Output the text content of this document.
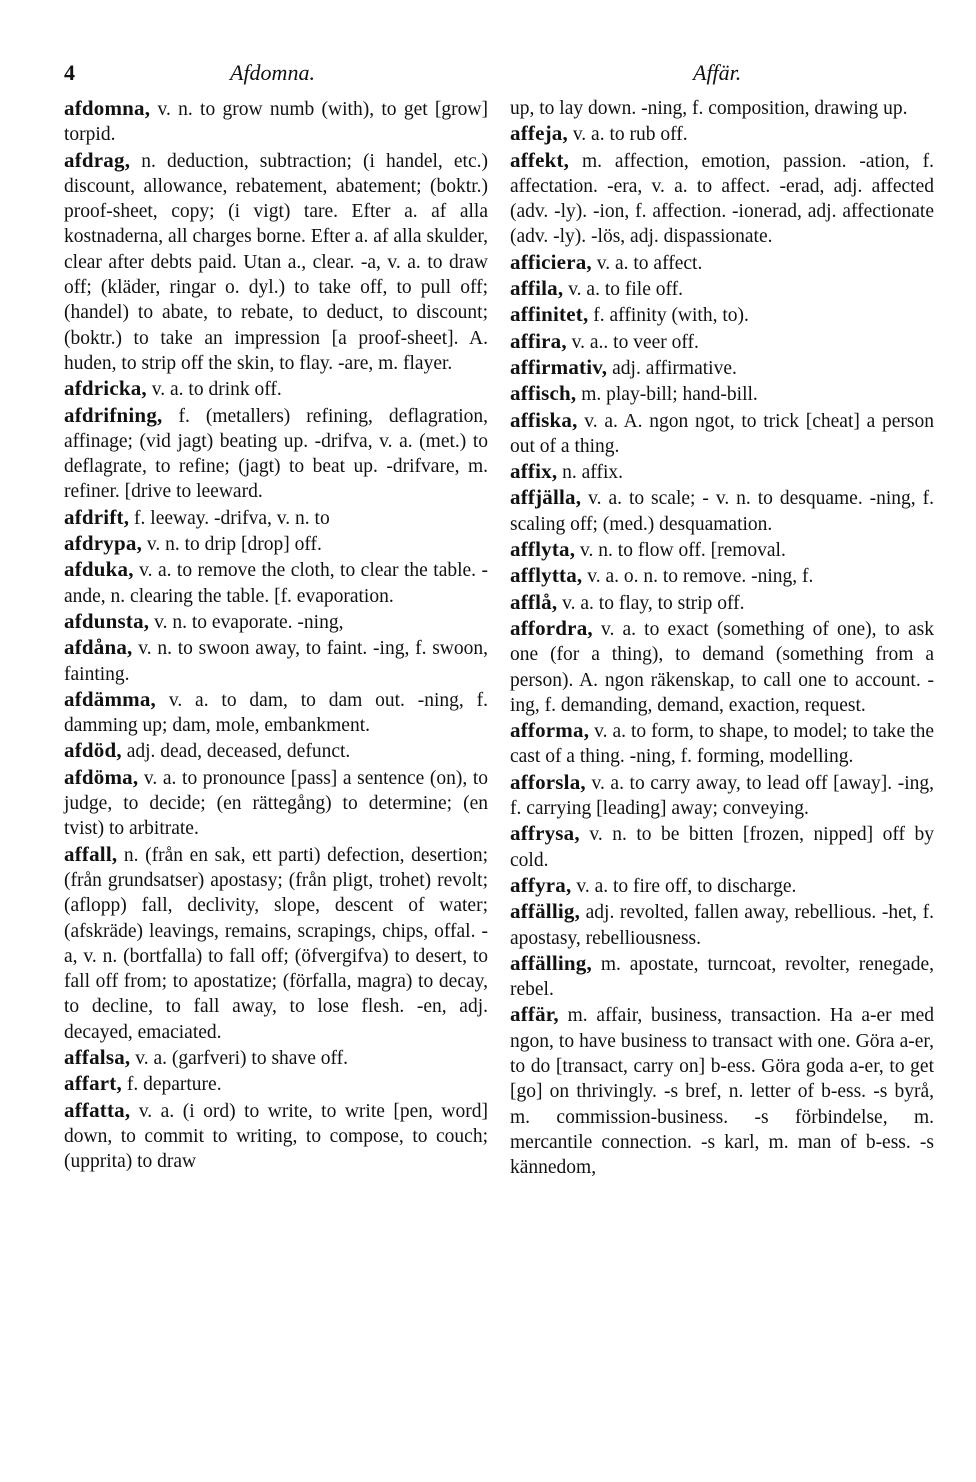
4	Afdomna.	Affär.

afdomna, v. n. to grow numb (with), to get [grow] torpid.

afdrag, n. deduction, subtraction; (i handel, etc.) discount, allowance, rebatement, abatement; (boktr.) proof-sheet, copy; (i vigt) tare. Efter a. af alla kostnaderna, all charges borne. Efter a. af alla skulder, clear after debts paid. Utan a., clear. -a, v. a. to draw off; (kläder, ringar o. dyl.) to take off, to pull off; (handel) to abate, to rebate, to deduct, to discount; (boktr.) to take an impression [a proof-sheet]. A. huden, to strip off the skin, to flay. -are, m. flayer.

afdricka, v. a. to drink off.

afdrifning, f. (metallers) refining, deflagration, affinage; (vid jagt) beating up. -drifva, v. a. (met.) to deflagrate, to refine; (jagt) to beat up. -drifvare, m. refiner. [drive to leeward.

afdrift, f. leeway. -drifva, v. n. to

afdrypa, v. n. to drip [drop] off.

afduka, v. a. to remove the cloth, to clear the table. -ande, n. clearing the table. [f. evaporation.

afdunsta, v. n. to evaporate. -ning,

afdåna, v. n. to swoon away, to faint. -ing, f. swoon, fainting.

afdämma, v. a. to dam, to dam out. -ning, f. damming up; dam, mole, embankment.

afdöd, adj. dead, deceased, defunct.

afdöma, v. a. to pronounce [pass] a sentence (on), to judge, to decide; (en rättegång) to determine; (en tvist) to arbitrate.

affall, n. (från en sak, ett parti) defection, desertion; (från grundsatser) apostasy; (från pligt, trohet) revolt; (aflopp) fall, declivity, slope, descent of water; (afskräde) leavings, remains, scrapings, chips, offal. -a, v. n. (bortfalla) to fall off; (öfvergifva) to desert, to fall off from; to apostatize; (förfalla, magra) to decay, to decline, to fall away, to lose flesh. -en, adj. decayed, emaciated.

affalsa, v. a. (garfveri) to shave off.

affart, f. departure.

affatta, v. a. (i ord) to write, to write [pen, word] down, to commit to writing, to compose, to couch; (upprita) to draw

up, to lay down. -ning, f. composition, drawing up.

affeja, v. a. to rub off.

affekt, m. affection, emotion, passion. -ation, f. affectation. -era, v. a. to affect. -erad, adj. affected (adv. -ly). -ion, f. affection. -ionerad, adj. affectionate (adv. -ly). -lös, adj. dispassionate.

afficiera, v. a. to affect.

affila, v. a. to file off.

affinitet, f. affinity (with, to).

affira, v. a.. to veer off.

affirmativ, adj. affirmative.

affisch, m. play-bill; hand-bill.

affiska, v. a. A. ngon ngot, to trick [cheat] a person out of a thing.

affix, n. affix.

affjälla, v. a. to scale; - v. n. to desquame. -ning, f. scaling off; (med.) desquamation.

afflyta, v. n. to flow off. [removal.

afflytta, v. a. o. n. to remove. -ning, f.

afflå, v. a. to flay, to strip off.

affordra, v. a. to exact (something of one), to ask one (for a thing), to demand (something from a person). A. ngon räkenskap, to call one to account. -ing, f. demanding, demand, exaction, request.

afforma, v. a. to form, to shape, to model; to take the cast of a thing. -ning, f. forming, modelling.

afforsla, v. a. to carry away, to lead off [away]. -ing, f. carrying [leading] away; conveying.

affrysa, v. n. to be bitten [frozen, nipped] off by cold.

affyra, v. a. to fire off, to discharge.

affällig, adj. revolted, fallen away, rebellious. -het, f. apostasy, rebelliousness.

affälling, m. apostate, turncoat, revolter, renegade, rebel.

affär, m. affair, business, transaction. Ha a-er med ngon, to have business to transact with one. Göra a-er, to do [transact, carry on] b-ess. Göra goda a-er, to get [go] on thrivingly. -s bref, n. letter of b-ess. -s byrå, m. commission-business. -s förbindelse, m. mercantile connection. -s karl, m. man of b-ess. -s kännedom,
